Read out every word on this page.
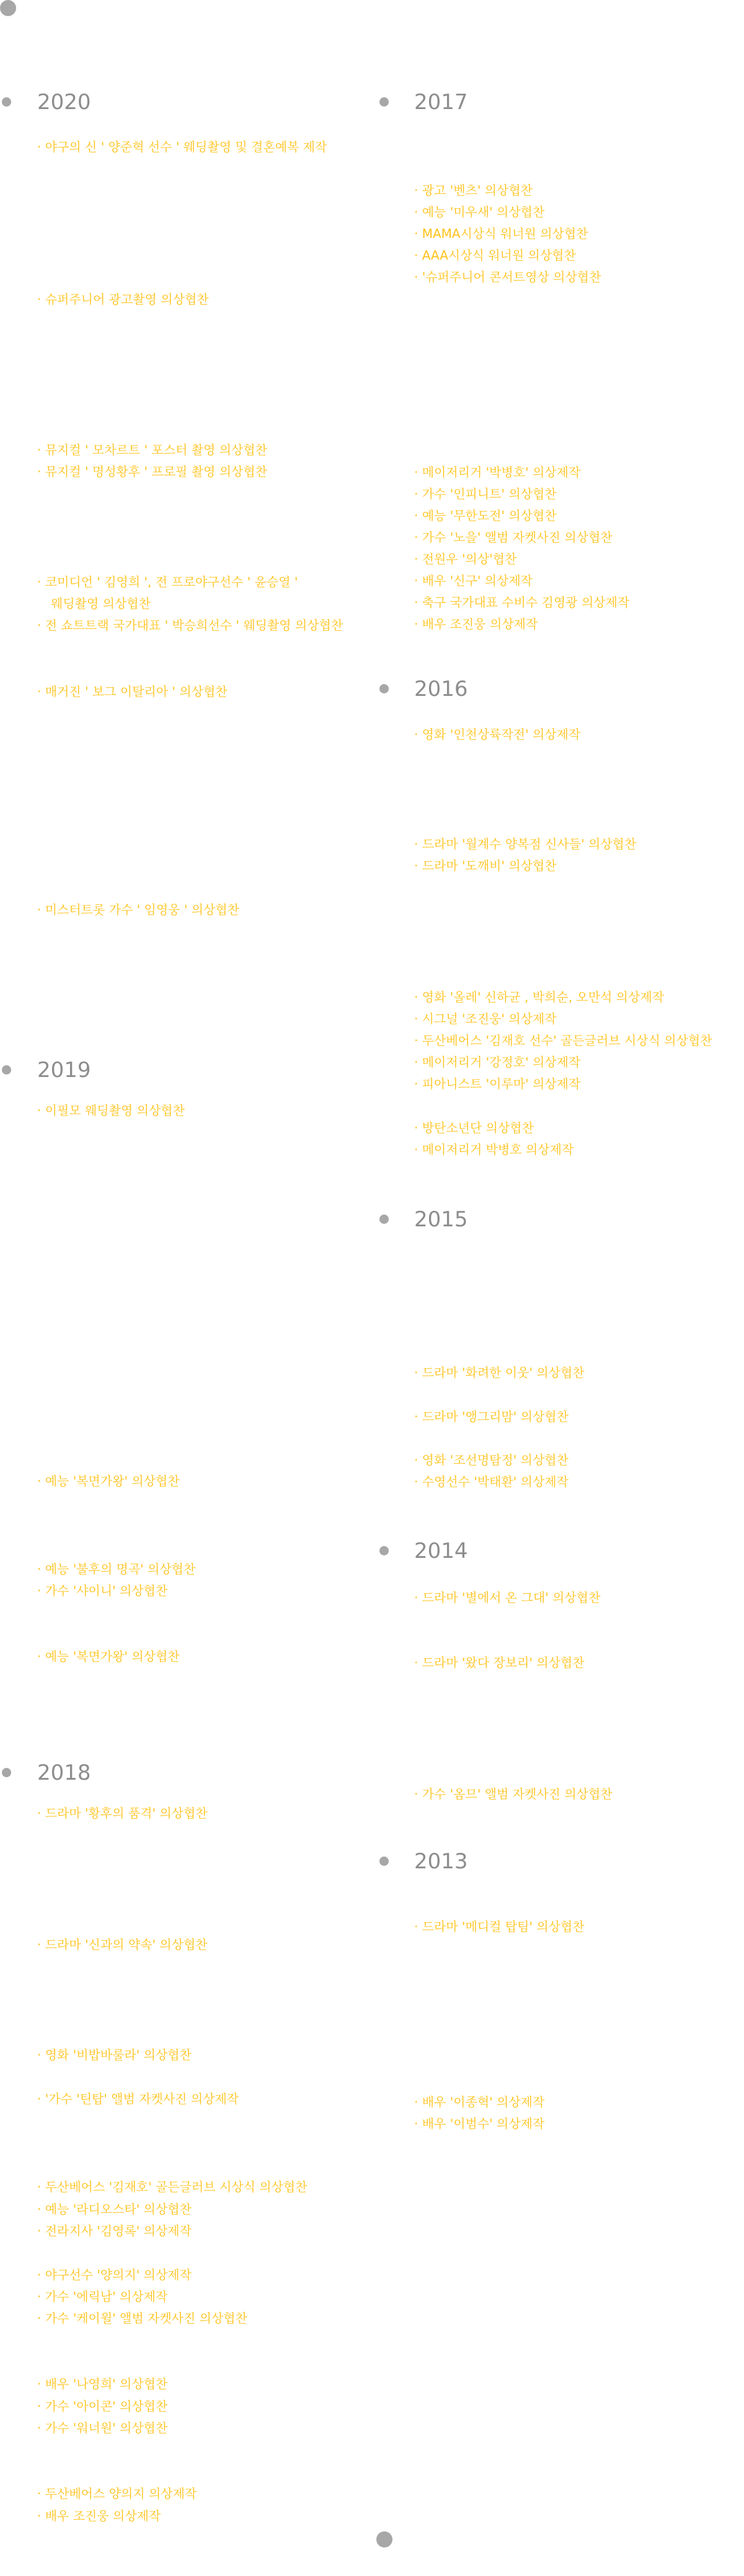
2020
· 야구의 신 ' 양준혁 선수 ' 웨딩촬영 및 결혼예복 제작
· 슈퍼주니어 광고촬영 의상협찬
· 뮤지컬 ' 모차르트 ' 포스터 촬영 의상협찬
· 뮤지컬 ' 명성황후 ' 프로필 촬영 의상협찬
· 코미디언 ' 김영희 ', 전 프로야구선수 ' 윤승열 '
웨딩촬영 의상협찬
· 전 쇼트트랙 국가대표 ' 박승희선수 ' 웨딩촬영 의상협찬
· 매거진 ' 보그 이탈리아 ' 의상협찬
· 미스터트롯 가수 ' 임영웅 ' 의상협찬
2019
· 이필모 웨딩촬영 의상협찬
· 예능 '복면가왕' 의상협찬
· 예능 '불후의 명곡' 의상협찬
· 가수 '샤이니' 의상협찬
· 예능 '복면가왕' 의상협찬
2018
· 드라마 '황후의 품격' 의상협찬
· 드라마 '신과의 약속' 의상협찬
· 영화 '비밥바룰라' 의상협찬
· '가수 '틴탑' 앨범 자켓사진 의상제작
· 두산베어스 '김재호' 골든글러브 시상식 의상협찬
· 예능 '라디오스타' 의상협찬
· 전라지사 '김영록' 의상제작
· 야구선수 '양의지' 의상제작
· 가수 '에릭남' 의상제작
· 가수 '케이윌' 앨범 자켓사진 의상협찬
· 배우 '나영희' 의상협찬
· 가수 '아이콘' 의상협찬
· 가수 '워너원' 의상협찬
· 두산베어스 양의지 의상제작
· 배우 조진웅 의상제작
2017
· 광고 '벤츠' 의상협찬
· 예능 '미우새' 의상협찬
· MAMA시상식 워너원 의상협찬
· AAA시상식 워너원 의상협찬
· '슈퍼주니어 콘서트영상 의상협찬
· 메이저리거 '박병호' 의상제작
· 가수 '인피니트' 의상협찬
· 예능 '무한도전' 의상협찬
· 가수 '노을' 앨범 자켓사진 의상협찬
· 전원우 '의상'협찬
· 배우 '신구' 의상제작
· 축구 국가대표 수비수 김영광 의상제작
· 배우 조진웅 의상제작
2016
· 영화 '인천상륙작전' 의상제작
· 드라마 '월계수 양복점 신사들' 의상협찬
· 드라마 '도깨비' 의상협찬
· 영화 '올레' 신하균 , 박희순, 오만석 의상제작
· 시그널 '조진웅' 의상제작
· 두산베어스 '김재호 선수' 골든글러브 시상식 의상협찬
· 메이저리거 '강정호' 의상제작
· 피아니스트 '이루마' 의상제작
· 방탄소년단 의상협찬
· 메이저리거 박병호 의상제작
2015
· 드라마 '화려한 이웃' 의상협찬
· 드라마 '앵그리맘' 의상협찬
· 영화 '조선명탐정' 의상협찬
· 수영선수 '박태환' 의상제작
2014
· 드라마 '별에서 온 그대' 의상협찬
· 드라마 '왔다 장보리' 의상협찬
· 가수 '옴므' 앨범 자켓사진 의상협찬
2013
· 드라마 '메디컬 탑팀' 의상협찬
· 배우 '이종혁' 의상제작
· 배우 '이범수' 의상제작
